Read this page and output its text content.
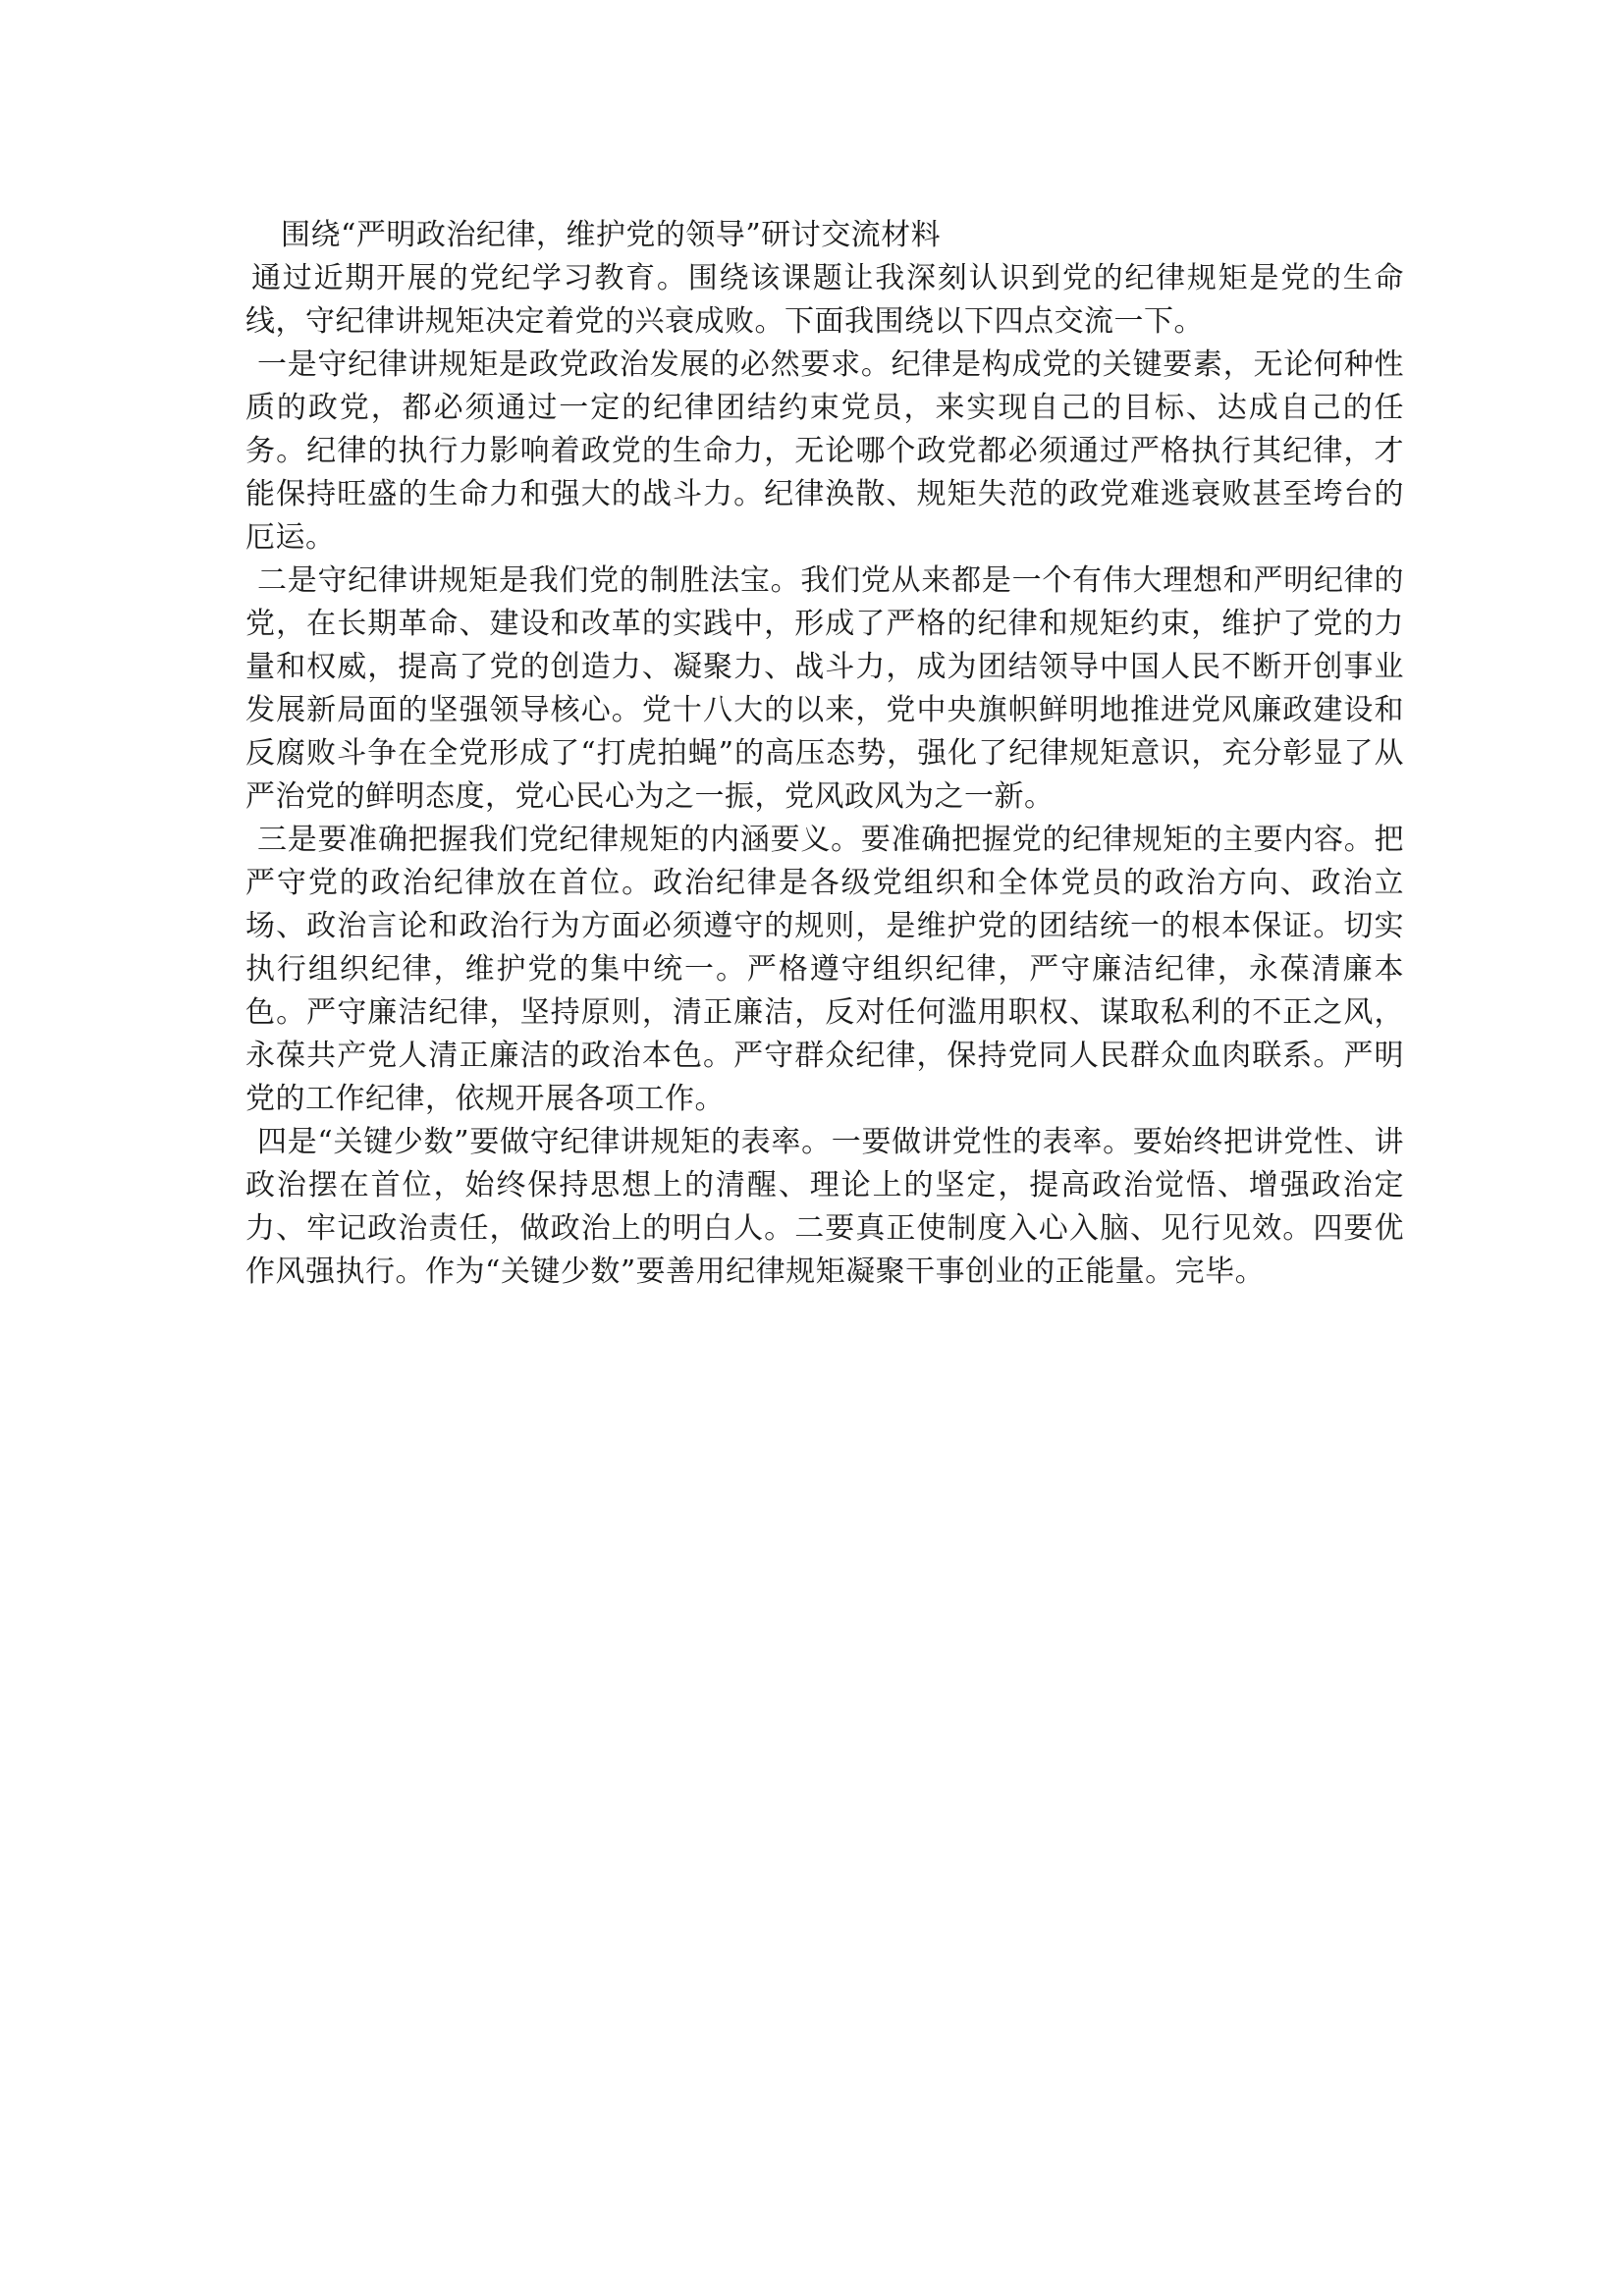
围绕“严明政治纪律，维护党的领导”研讨交流材料

通过近期开展的党纪学习教育。围绕该课题让我深刻认识到党的纪律规矩是党的生命线，守纪律讲规矩决定着党的兴衰成败。下面我围绕以下四点交流一下。

一是守纪律讲规矩是政党政治发展的必然要求。纪律是构成党的关键要素，无论何种性质的政党，都必须通过一定的纪律团结约束党员，来实现自己的目标、达成自己的任务。纪律的执行力影响着政党的生命力，无论哪个政党都必须通过严格执行其纪律，才能保持旺盛的生命力和强大的战斗力。纪律涣散、规矩失范的政党难逃衰败甚至垮台的厄运。

二是守纪律讲规矩是我们党的制胜法宝。我们党从来都是一个有伟大理想和严明纪律的党，在长期革命、建设和改革的实践中，形成了严格的纪律和规矩约束，维护了党的力量和权威，提高了党的创造力、凝聚力、战斗力，成为团结领导中国人民不断开创事业发展新局面的坚强领导核心。党十八大的以来，党中央旗帜鲜明地推进党风廉政建设和反腐败斗争在全党形成了“打虎拍蝇”的高压态势，强化了纪律规矩意识，充分彰显了从严治党的鲜明态度，党心民心为之一振，党风政风为之一新。

三是要准确把握我们党纪律规矩的内涵要义。要准确把握党的纪律规矩的主要内容。把严守党的政治纪律放在首位。政治纪律是各级党组织和全体党员的政治方向、政治立场、政治言论和政治行为方面必须遵守的规则，是维护党的团结统一的根本保证。切实执行组织纪律，维护党的集中统一。严格遵守组织纪律，严守廉洁纪律，永葆清廉本色。严守廉洁纪律，坚持原则，清正廉洁，反对任何滥用职权、谋取私利的不正之风，永葆共产党人清正廉洁的政治本色。严守群众纪律，保持党同人民群众血肉联系。严明党的工作纪律，依规开展各项工作。

四是“关键少数”要做守纪律讲规矩的表率。一要做讲党性的表率。要始终把讲党性、讲政治摆在首位，始终保持思想上的清醒、理论上的坚定，提高政治觉悟、增强政治定力、牢记政治责任，做政治上的明白人。二要真正使制度入心入脑、见行见效。四要优作风强执行。作为“关键少数”要善用纪律规矩凝聚干事创业的正能量。完毕。
